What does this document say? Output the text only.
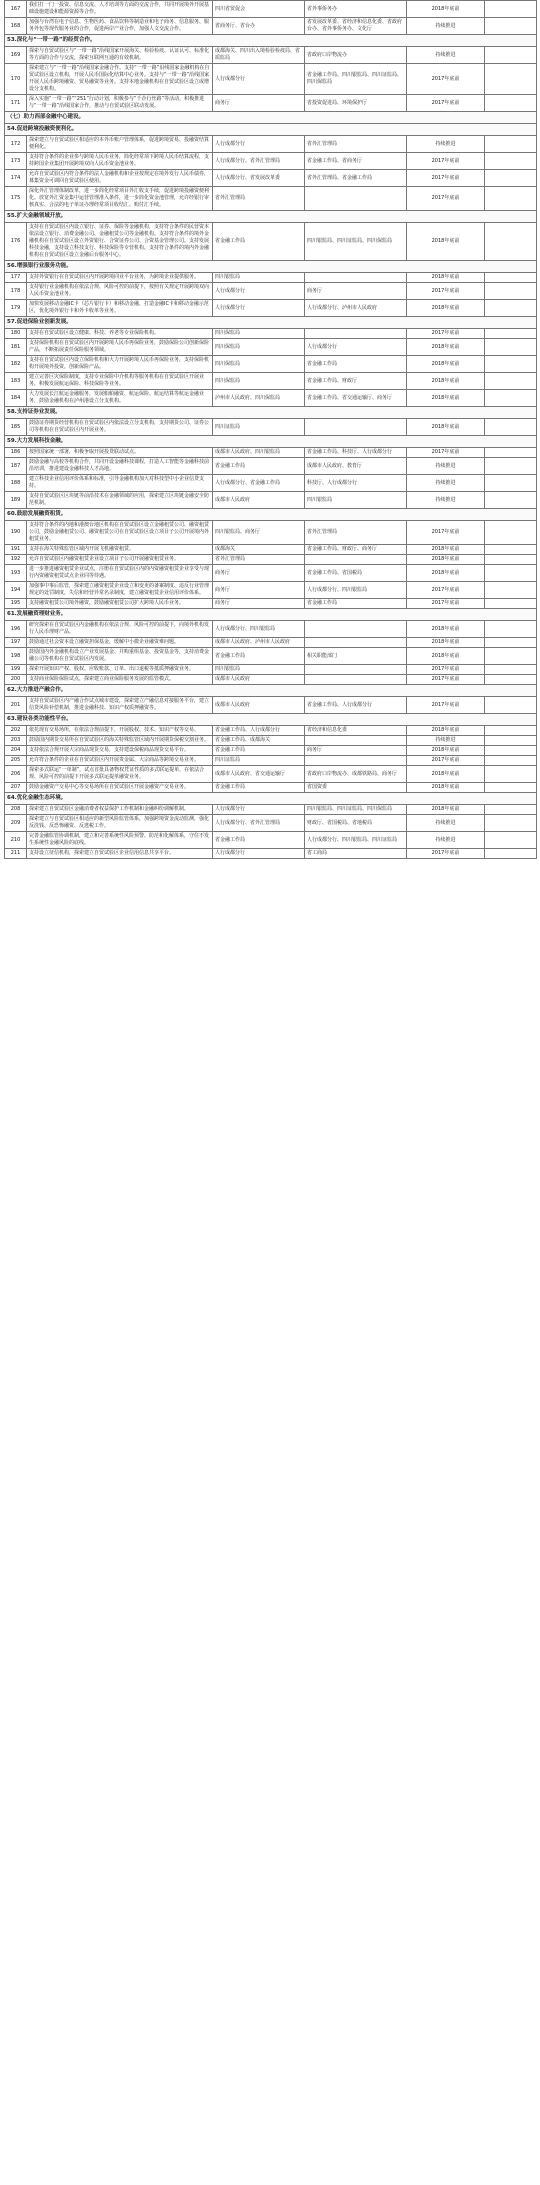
167	我们打一门一投资、信息交流、人才培训等方面的交流合作，共同开展境外开展基础设施建设和能源资源等合作。	四川省贸促会	省外事侨务办	2018年底前	
168	加强与台湾在电子信息、生物医药、食品饮料等制造业和电子商务、信息服务、服务外包等现代服务业的合作，促进两岸产业合作，加强人文交流合作。	省商务厅、省台办	省发展改革委、省经济和信息化委、省政府台办、省外事侨务办、文化厅	持续推进	
53.深化与“一带一路”的经贸合作。					
169	探索与自贸试验区与“一带一路”沿线国家开展海关、检验检疫、认证认可、标准化等方面的合作与交流，探索互联网互通的有效机制。	成都海关、四川出入境检验检疫局、省质监局	省政府口岸物流办	持续推进	
170	探索建立与“一带一路”沿线国家金融合作。支持“一带一路”沿线国家金融机构在自贸试验区设立机构，开展人民币国际化结算中心业务。支持与“一带一路”沿线国家开展人民币跨境融资、贸易融资等业务。支持本地金融机构在自贸试验区设立或增设分支机构。	人行成都分行	省金融工作局、四川银监局、四川证监局、四川保监局	2017年底前	
171	深入实施“一带一路”“251”行动计划，积极参与“千企行丝路”等活动，积极推进与“一带一路”沿线国家合作，推动与自贸试验区联动发展。	商务厅	省投资促进局、环境保护厅	2017年底前	
（七）助力西部金融中心建设。					
54.促进跨境投融资便利化。					
172	探索建立与自贸试验区相适应的本外币账户管理体系，促进跨境贸易、投融资结算便利化。	人行成都分行	省外汇管理局	持续推进	
173	支持符合条件的企业参与跨境人民币业务，简化经常项下跨境人民币结算流程，支持跨国企业集团开展跨境双向人民币资金池业务。	人行成都分行、省外汇管理局	省金融工作局、省商务厅	2017年底前	
174	允许自贸试验区内符合条件的法人金融机构和企业按规定在境外发行人民币债券，募集资金可调回自贸试验区使用。	人行成都分行、省发展改革委	省外汇管理局、省金融工作局	2017年底前	
175	深化外汇管理体制改革，进一步简化经常项目外汇收支手续，促进跨境投融资便利化。放宽外汇资金集中运营管理准入条件，进一步简化资金池管理，允许经银行审核真实、合法的电子单证办理经常项目收结汇、购付汇手续。	省外汇管理局		2017年底前	
55.扩大金融领域开放。					
176	支持在自贸试验区内设立银行、证券、保险等金融机构，支持符合条件的民营资本依法设立银行、消费金融公司、金融租赁公司等金融机构。支持符合条件的境外金融机构在自贸试验区设立外资银行、合资证券公司、合资基金管理公司。支持发展科技金融，支持设立科技支行、科技保险等专营机构。支持符合条件的境内外金融机构在自贸试验区设立金融后台服务中心。	省金融工作局	四川银监局、四川证监局、四川保监局	2018年底前	
56.增强银行业服务功能。					
177	支持外资银行在自贸试验区内开展跨境同业平台业务，为跨境企业提供服务。	四川银监局		2018年底前	
178	支持银行业金融机构在依法合规、风险可控的前提下，按照有关规定开展跨境双向人民币资金池业务。	人行成都分行	商务厅	2017年底前	
179	加快发展移动金融IC卡（芯片银行卡）和移动金融，打造金融IC卡和移动金融示范区，优化境外银行卡和外卡收单等业务。	人行成都分行	人行成都分行、泸州市人民政府	2018年底前	
57.促进保险业创新发展。					
180	支持在自贸试验区设立健康、科技、养老等专业保险机构。	四川保监局		2017年底前	
181	支持保险机构在自贸试验区内开展跨境人民币再保险业务，鼓励保险公司创新保险产品，不断拓展责任保险服务领域。	四川保监局	人行成都分行	2018年底前	
182	支持在自贸试验区内设立保险机构和大力开展跨境人民币再保险业务，支持保险机构开展境外投资，创新保险产品。	四川保监局	省金融工作局	2018年底前	
183	建立完善巨灾保险制度，支持专业保险中介机构等服务机构在自贸试验区开展业务，积极发展航运保险、科技保险等业务。	四川保监局	省金融工作局、财政厅	2018年底前	
184	大力发展长江航运金融服务，发展船舶融资、航运保险、航运结算等航运金融业务，鼓励金融机构在泸州港设立分支机构。	泸州市人民政府、四川保监局	省金融工作局、省交通运输厅、商务厅	2018年底前	
58.支持证券业发展。					
185	鼓励证券期货经营机构在自贸试验区内依法设立分支机构，支持期货公司、证券公司等机构在自贸试验区内开展业务。	四川证监局		2018年底前	
59.大力发展科技金融。					
186	按照国家统一部署，积极争取开展投贷联动试点。	成都市人民政府、四川银监局	省金融工作局、科技厅、人行成都分行	2017年底前	
187	鼓励金融与高校等机构合作，共同开设金融科技课程，打造人工智能等金融科技前沿培训，推进建设金融科技人才高地。	省金融工作局	成都市人民政府、教育厅	持续推进	
188	建立科技企业信用评价体系和标准，引导金融机构加大对科技型中小企业信贷支持。	人行成都分行、省金融工作局	科技厅、人行成都分行	持续推进	
189	支持自贸试验区区块链等前沿技术在金融领域的应用，探索建立区块链金融安全防范机制。	成都市人民政府	四川银监局	持续推进	
60.鼓励发展融资租赁。					
190	支持符合条件的内地和港澳台地区机构在自贸试验区设立金融租赁公司、融资租赁公司，鼓励金融租赁公司、融资租赁公司在自贸试验区设立项目子公司开展境内外租赁业务。	四川银监局、商务厅	省外汇管理局	2017年底前	
191	支持在海关特殊监管区域内开展飞机融资租赁。	成都海关	省金融工作局、财政厅、商务厅	2018年底前	
192	允许自贸试验区内融资租赁企业设立项目子公司开展融资租赁业务。	省外汇管理局		2018年底前	
193	进一步推进融资租赁企业试点，注册在自贸试验区内的内资融资租赁企业享受与现行内资融资租赁试点企业同等待遇。	商务厅	省金融工作局、省国税局	2018年底前	
194	加强事中事后监管，探索建立融资租赁企业设立和变更的备案制度、违反行业管理规定的处罚制度，失信和经营异常名录制度，建立融资租赁企业信用评价体系。	商务厅	人行成都分行、四川银监局	2017年底前	
195	支持融资租赁公司境外融资，鼓励融资租赁公司扩大跨境人民币业务。	商务厅	省金融工作局	2017年底前	
61.发展融资理财业务。					
196	研究探索在自贸试验区内金融机构在依法合规、风险可控的前提下，向境外机构发行人民币理财产品。	人行成都分行、四川银监局		2018年底前	
197	鼓励通过社会资本设立融资担保基金，缓解中小微企业融资难问题。	成都市人民政府、泸州市人民政府		2018年底前	
198	鼓励国内外金融机构设立产业发展基金、并购重组基金、投资基金等，支持消费金融公司等机构在自贸试验区内发展。	省金融工作局	相关职能部门	2018年底前	
199	探索开展知识产权、股权、应收账款、订单、出口退税等抵质押融资业务。	四川银监局		2017年底前	
200	支持商业保险保险试点，探索建立商业保险服务发展的监管模式。	成都市人民政府		2017年底前	
62.大力推进产融合作。					
201	支持自贸试验区内产融合作试点城市建设，探索建立产融信息对接服务平台，建立信贷风险补偿机制，推进金融科技、知识产权质押融资等。	成都市人民政府	省金融工作局、人行成都分行	2017年底前	
63.建设各类功能性平台。					
202	依托现有交易场所，在依法合规前提下，开展股权、技术、知识产权等交易。	省金融工作局、人行成都分行	省经济和信息化委	2018年底前	
203	鼓励国内期货交易所在自贸试验区的海关特殊监管区域内开展期货保税交割业务。	省金融工作局、成都海关		持续推进	
204	支持依法合规开展大宗商品现货交易，支持建设保税商品现货交易平台。	省金融工作局	商务厅	2018年底前	
205	允许符合条件的企业在自贸试验区内开展贵金属、大宗商品等跨境交易业务。	四川证监局		2017年底前	
206	探索多式联运“一单制”，试点首批具备物权凭证性质的多式联运提单，在依法合规、风险可控的前提下开展多式联运提单融资业务。	成都市人民政府、省交通运输厅	省政府口岸物流办、成都铁路局、商务厅	2018年底前	
207	鼓励金融资产交易中心等交易场所在自贸试验区开展金融资产交易业务。	省金融工作局	省国资委	2018年底前	
64.优化金融生态环境。					
208	探索建立自贸试验区金融消费者权益保护工作机制和金融纠纷调解机制。	人行成都分行	四川银监局、四川证监局、四川保监局	2018年底前	
209	探索建立与自贸试验区相适应的新型风险监管体系，加强跨境资金流动监测，强化反洗钱、反恐怖融资、反逃税工作。	人行成都分行、省外汇管理局	财政厅、省国税局、省地税局	持续推进	
210	完善金融监管协调机制，建立和完善系统性风险预警、防范和化解体系，守住不发生系统性金融风险的底线。	省金融工作局	人行成都分行、四川银监局、四川证监局	持续推进	
211	支持设立征信机构，探索建立自贸试验区企业信用信息共享平台。	人行成都分行	省工商局	2017年底前	
